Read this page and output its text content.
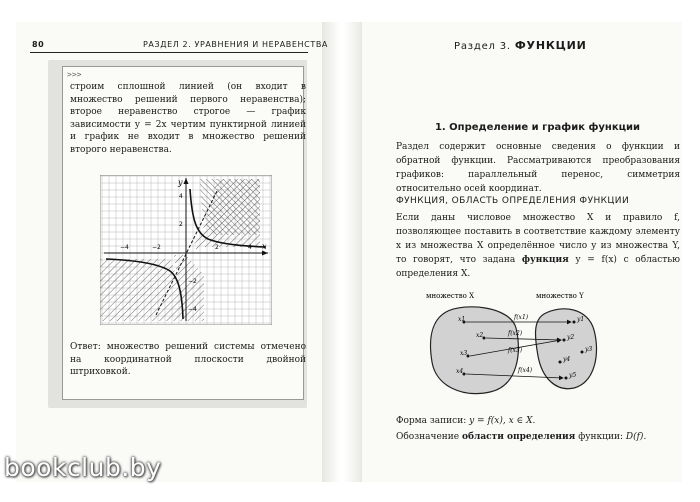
80	РАЗДЕЛ 2. УРАВНЕНИЯ И НЕРАВЕНСТВА
>>>
строим сплошной линией (он входит в множество решений первого неравенства); второе неравенство строгое — график зависимости y = 2x чертим пунктирной линией и график не входит в множество решений второго неравенства.
y
x
−4	−2	2	4
4
2
−2
−4
Ответ: множество решений системы отмечено на координатной плоскости двойной штриховкой.
bookclub.by
Раздел 3. ФУНКЦИИ
1. Определение и график функции
Раздел содержит основные сведения о функции и обратной функции. Рассматриваются преобразования графиков: параллельный перенос, симметрия относительно осей координат.
ФУНКЦИЯ, ОБЛАСТЬ ОПРЕДЕЛЕНИЯ ФУНКЦИИ
Если даны числовое множество X и правило f, позволяющее поставить в соответствие каждому элементу x из множества X определённое число y из множества Y, то говорят, что задана функция y = f(x) с областью определения X.
множество X	множество Y
x1
x2
x3
x4
y1
y2
y3
y4
y5
f(x1)
f(x2)
f(x3)
f(x4)
Форма записи: y = f(x), x ∈ X.
Обозначение области определения функции: D(f).
